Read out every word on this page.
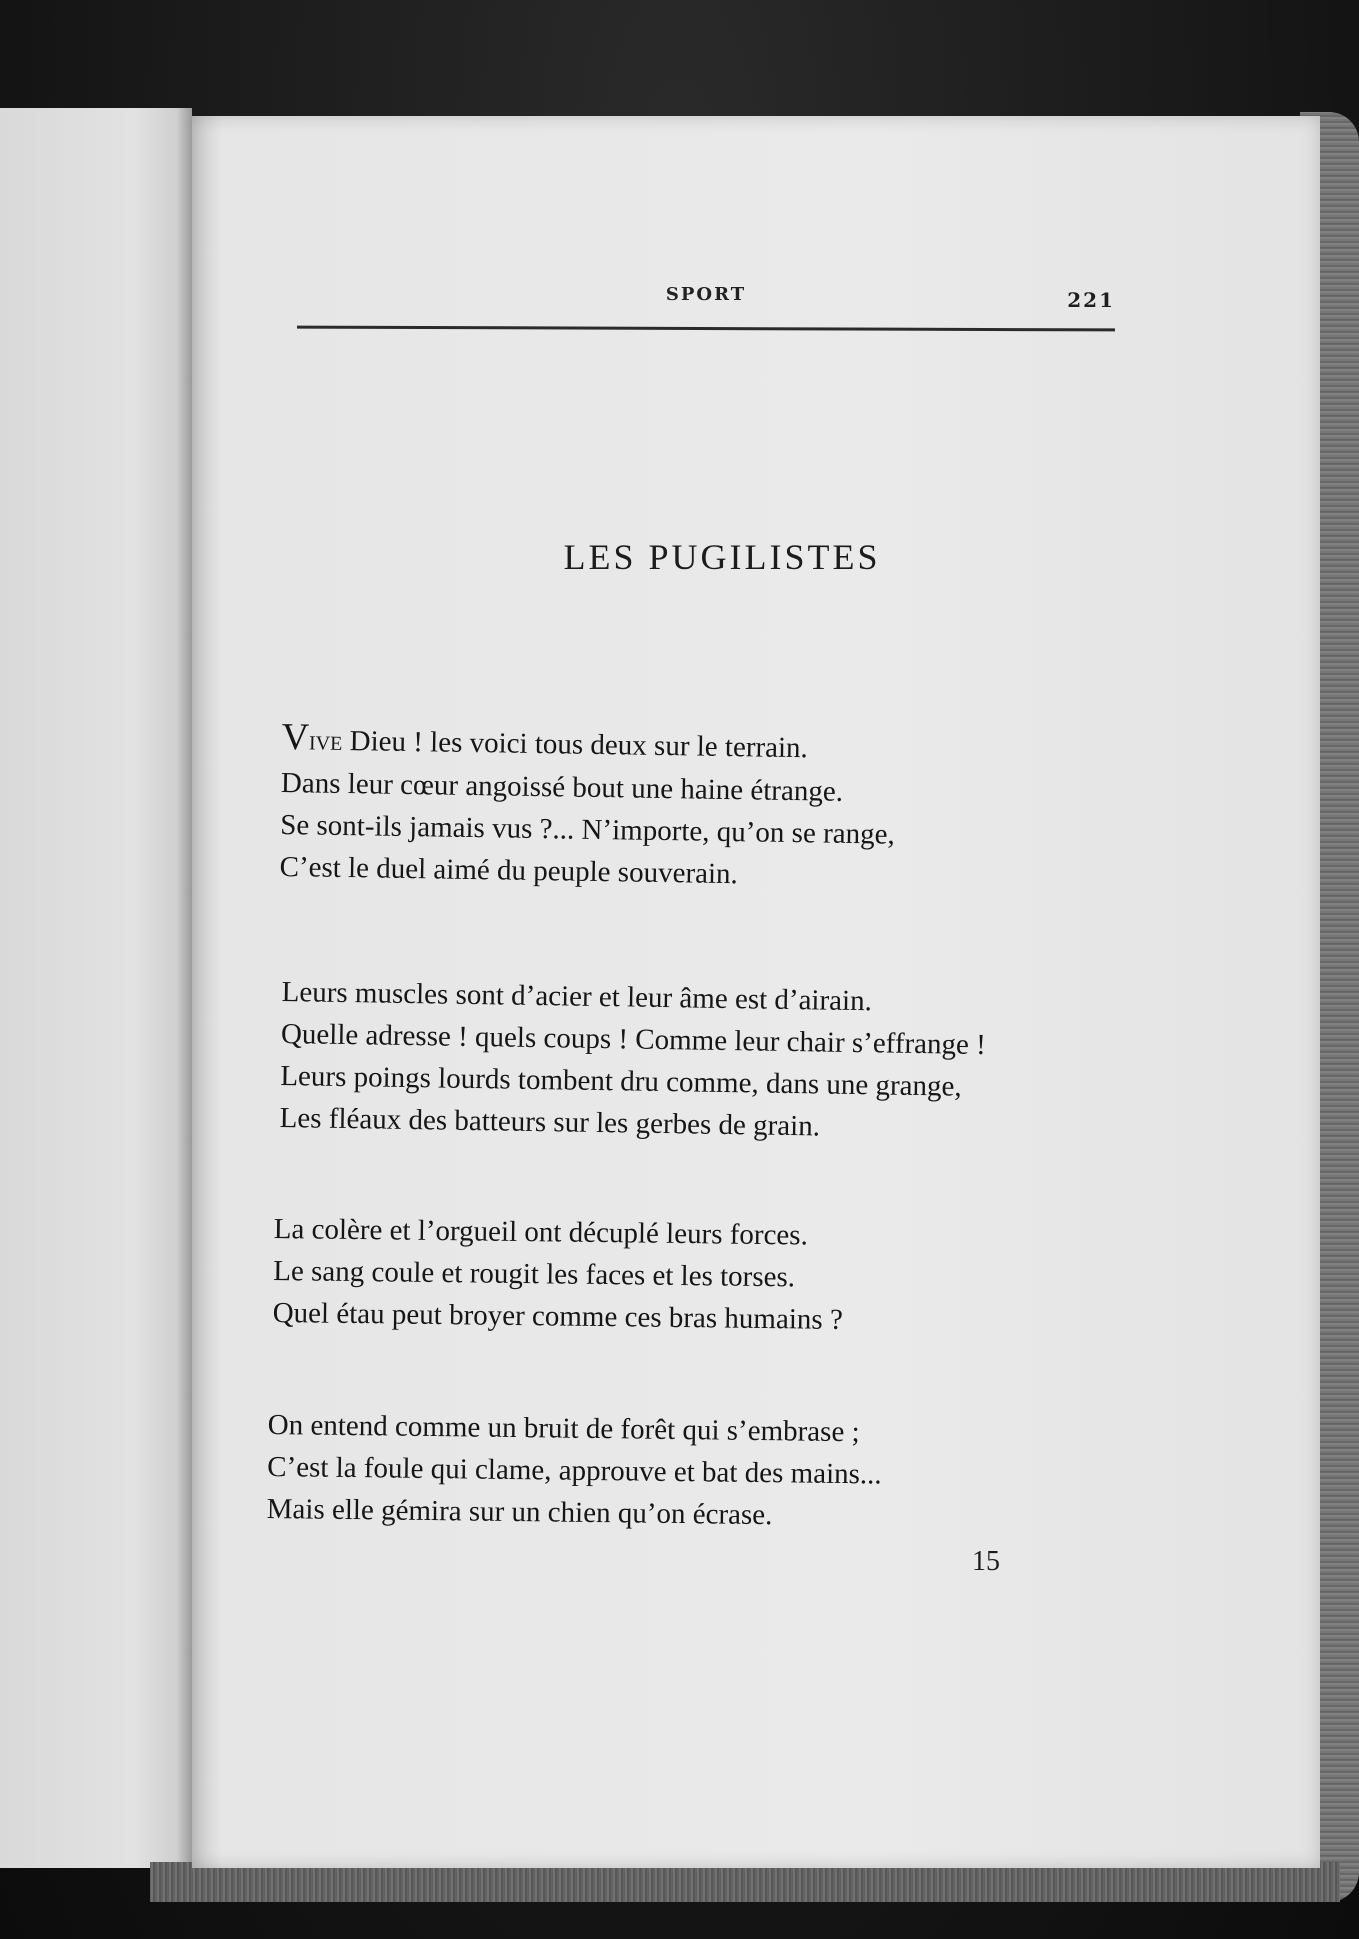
SPORT	221
LES PUGILISTES
Vive Dieu ! les voici tous deux sur le terrain.
Dans leur cœur angoissé bout une haine étrange.
Se sont-ils jamais vus ?... N’importe, qu’on se range,
C’est le duel aimé du peuple souverain.
Leurs muscles sont d’acier et leur âme est d’airain.
Quelle adresse ! quels coups ! Comme leur chair s’effrange !
Leurs poings lourds tombent dru comme, dans une grange,
Les fléaux des batteurs sur les gerbes de grain.
La colère et l’orgueil ont décuplé leurs forces.
Le sang coule et rougit les faces et les torses.
Quel étau peut broyer comme ces bras humains ?
On entend comme un bruit de forêt qui s’embrase ;
C’est la foule qui clame, approuve et bat des mains...
Mais elle gémira sur un chien qu’on écrase.
15
